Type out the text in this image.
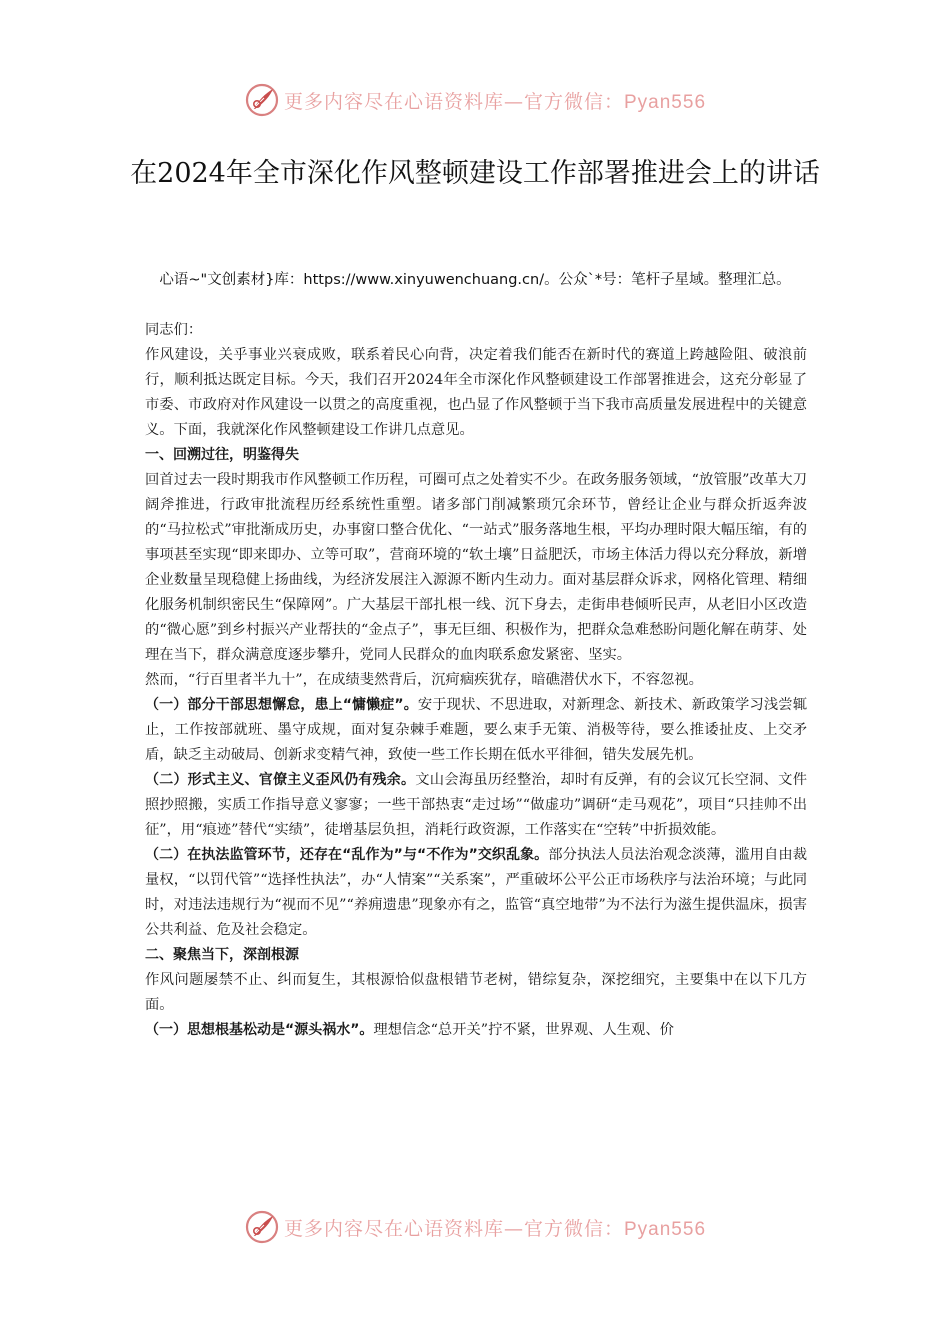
更多内容尽在心语资料库—官方微信：Pyan556
在2024年全市深化作风整顿建设工作部署推进会上的讲话
心语~"文创素材}库：https://www.xinyuwenchuang.cn/。公众`*号：笔杆子星域。整理汇总。

同志们：

作风建设，关乎事业兴衰成败，联系着民心向背，决定着我们能否在新时代的赛道上跨越险阻、破浪前行，顺利抵达既定目标。今天，我们召开2024年全市深化作风整顿建设工作部署推进会，这充分彰显了市委、市政府对作风建设一以贯之的高度重视，也凸显了作风整顿于当下我市高质量发展进程中的关键意义。下面，我就深化作风整顿建设工作讲几点意见。

一、回溯过往，明鉴得失

回首过去一段时期我市作风整顿工作历程，可圈可点之处着实不少。在政务服务领域，“放管服”改革大刀阔斧推进，行政审批流程历经系统性重塑。诸多部门削减繁琐冗余环节，曾经让企业与群众折返奔波的“马拉松式”审批渐成历史，办事窗口整合优化、“一站式”服务落地生根，平均办理时限大幅压缩，有的事项甚至实现“即来即办、立等可取”，营商环境的“软土壤”日益肥沃，市场主体活力得以充分释放，新增企业数量呈现稳健上扬曲线，为经济发展注入源源不断内生动力。面对基层群众诉求，网格化管理、精细化服务机制织密民生“保障网”。广大基层干部扎根一线、沉下身去，走街串巷倾听民声，从老旧小区改造的“微心愿”到乡村振兴产业帮扶的“金点子”，事无巨细、积极作为，把群众急难愁盼问题化解在萌芽、处理在当下，群众满意度逐步攀升，党同人民群众的血肉联系愈发紧密、坚实。

然而，“行百里者半九十”，在成绩斐然背后，沉疴痼疾犹存，暗礁潜伏水下，不容忽视。

（一）部分干部思想懈怠，患上“慵懒症”。安于现状、不思进取，对新理念、新技术、新政策学习浅尝辄止，工作按部就班、墨守成规，面对复杂棘手难题，要么束手无策、消极等待，要么推诿扯皮、上交矛盾，缺乏主动破局、创新求变精气神，致使一些工作长期在低水平徘徊，错失发展先机。

（二）形式主义、官僚主义歪风仍有残余。文山会海虽历经整治，却时有反弹，有的会议冗长空洞、文件照抄照搬，实质工作指导意义寥寥；一些干部热衷“走过场”“做虚功”调研“走马观花”，项目“只挂帅不出征”，用“痕迹”替代“实绩”，徒增基层负担，消耗行政资源，工作落实在“空转”中折损效能。

（二）在执法监管环节，还存在“乱作为”与“不作为”交织乱象。部分执法人员法治观念淡薄，滥用自由裁量权，“以罚代管”“选择性执法”，办“人情案”“关系案”，严重破坏公平公正市场秩序与法治环境；与此同时，对违法违规行为“视而不见”“养痈遗患”现象亦有之，监管“真空地带”为不法行为滋生提供温床，损害公共利益、危及社会稳定。

二、聚焦当下，深剖根源

作风问题屡禁不止、纠而复生，其根源恰似盘根错节老树，错综复杂，深挖细究，主要集中在以下几方面。

（一）思想根基松动是“源头祸水”。理想信念“总开关”拧不紧，世界观、人生观、价

更多内容尽在心语资料库—官方微信：Pyan556
